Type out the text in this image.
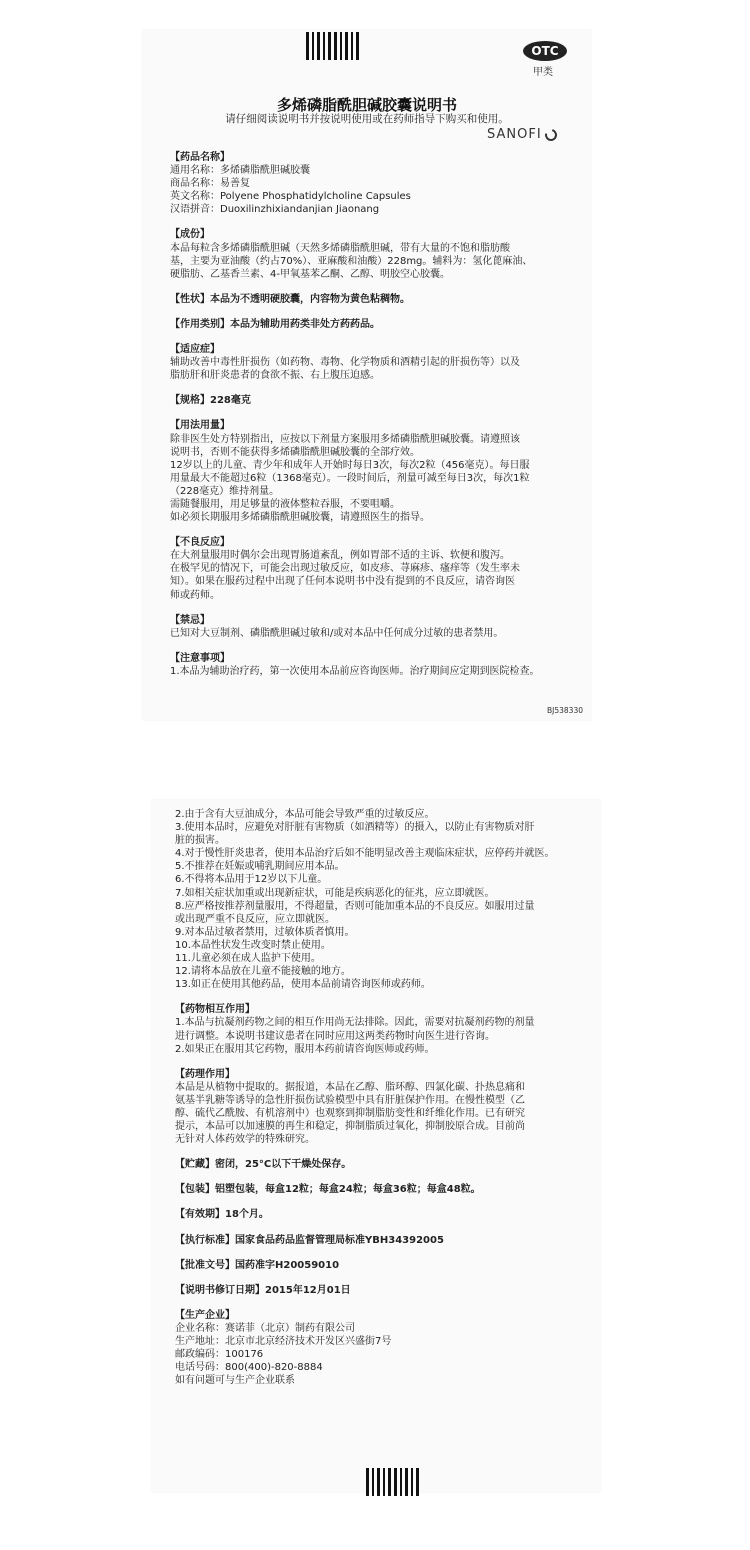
OTC
甲类
多烯磷脂酰胆碱胶囊说明书
请仔细阅读说明书并按说明使用或在药师指导下购买和使用。
SANOFI
【药品名称】
通用名称：多烯磷脂酰胆碱胶囊
商品名称：易善复
英文名称：Polyene Phosphatidylcholine Capsules
汉语拼音：Duoxilinzhixiandanjian Jiaonang
【成份】
本品每粒含多烯磷脂酰胆碱（天然多烯磷脂酰胆碱，带有大量的不饱和脂肪酸
基，主要为亚油酸（约占70%）、亚麻酸和油酸）228mg。辅料为：氢化蓖麻油、
硬脂肪、乙基香兰素、4-甲氧基苯乙酮、乙醇、明胶空心胶囊。
【性状】本品为不透明硬胶囊，内容物为黄色粘稠物。
【作用类别】本品为辅助用药类非处方药药品。
【适应症】
辅助改善中毒性肝损伤（如药物、毒物、化学物质和酒精引起的肝损伤等）以及
脂肪肝和肝炎患者的食欲不振、右上腹压迫感。
【规格】228毫克
【用法用量】
除非医生处方特别指出，应按以下剂量方案服用多烯磷脂酰胆碱胶囊。请遵照该
说明书，否则不能获得多烯磷脂酰胆碱胶囊的全部疗效。
12岁以上的儿童、青少年和成年人开始时每日3次，每次2粒（456毫克）。每日服
用量最大不能超过6粒（1368毫克）。一段时间后，剂量可减至每日3次，每次1粒
（228毫克）维持剂量。
需随餐服用，用足够量的液体整粒吞服，不要咀嚼。
如必须长期服用多烯磷脂酰胆碱胶囊，请遵照医生的指导。
【不良反应】
在大剂量服用时偶尔会出现胃肠道紊乱，例如胃部不适的主诉、软便和腹泻。
在极罕见的情况下，可能会出现过敏反应，如皮疹、荨麻疹、瘙痒等（发生率未
知）。如果在服药过程中出现了任何本说明书中没有提到的不良反应，请咨询医
师或药师。
【禁忌】
已知对大豆制剂、磷脂酰胆碱过敏和/或对本品中任何成分过敏的患者禁用。
【注意事项】
1.本品为辅助治疗药，第一次使用本品前应咨询医师。治疗期间应定期到医院检查。
BJ538330
2.由于含有大豆油成分，本品可能会导致严重的过敏反应。
3.使用本品时，应避免对肝脏有害物质（如酒精等）的摄入，以防止有害物质对肝
脏的损害。
4.对于慢性肝炎患者，使用本品治疗后如不能明显改善主观临床症状，应停药并就医。
5.不推荐在妊娠或哺乳期间应用本品。
6.不得将本品用于12岁以下儿童。
7.如相关症状加重或出现新症状，可能是疾病恶化的征兆，应立即就医。
8.应严格按推荐剂量服用，不得超量，否则可能加重本品的不良反应。如服用过量
或出现严重不良反应，应立即就医。
9.对本品过敏者禁用，过敏体质者慎用。
10.本品性状发生改变时禁止使用。
11.儿童必须在成人监护下使用。
12.请将本品放在儿童不能接触的地方。
13.如正在使用其他药品，使用本品前请咨询医师或药师。
【药物相互作用】
1.本品与抗凝剂药物之间的相互作用尚无法排除。因此，需要对抗凝剂药物的剂量
进行调整。本说明书建议患者在同时应用这两类药物时向医生进行咨询。
2.如果正在服用其它药物，服用本药前请咨询医师或药师。
【药理作用】
本品是从植物中提取的。据报道，本品在乙醇、脂环醇、四氯化碳、扑热息痛和
氨基半乳糖等诱导的急性肝损伤试验模型中具有肝脏保护作用。在慢性模型（乙
醇、硫代乙酰胺、有机溶剂中）也观察到抑制脂肪变性和纤维化作用。已有研究
提示，本品可以加速膜的再生和稳定，抑制脂质过氧化，抑制胶原合成。目前尚
无针对人体药效学的特殊研究。
【贮藏】密闭，25°C以下干燥处保存。
【包装】铝塑包装，每盒12粒；每盒24粒；每盒36粒；每盒48粒。
【有效期】18个月。
【执行标准】国家食品药品监督管理局标准YBH34392005
【批准文号】国药准字H20059010
【说明书修订日期】2015年12月01日
【生产企业】
企业名称：赛诺菲（北京）制药有限公司
生产地址：北京市北京经济技术开发区兴盛街7号
邮政编码：100176
电话号码：800(400)-820-8884
如有问题可与生产企业联系
